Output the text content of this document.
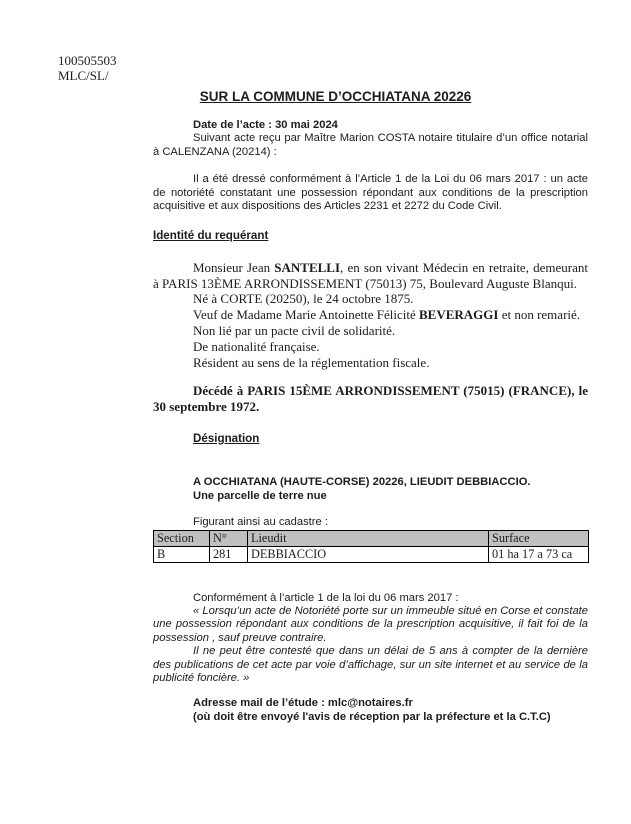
100505503
MLC/SL/
SUR LA COMMUNE D’OCCHIATANA 20226

Date de l’acte : 30 mai 2024

Suivant acte reçu par Maître Marion COSTA notaire titulaire d’un office notarial à CALENZANA (20214) :

Il a été dressé conformément à l’Article 1 de la Loi du 06 mars 2017 : un acte de notoriété constatant une possession répondant aux conditions de la prescription acquisitive et aux dispositions des Articles 2231 et 2272 du Code Civil.

Identité du requérant

Monsieur Jean SANTELLI, en son vivant Médecin en retraite, demeurant à PARIS 13ÈME ARRONDISSEMENT (75013) 75, Boulevard Auguste Blanqui.

Né à CORTE (20250), le 24 octobre 1875.

Veuf de Madame Marie Antoinette Félicité BEVERAGGI et non remarié.

Non lié par un pacte civil de solidarité.

De nationalité française.

Résident au sens de la réglementation fiscale.

Décédé à PARIS 15ÈME ARRONDISSEMENT (75015) (FRANCE), le 30 septembre 1972.

Désignation

A OCCHIATANA (HAUTE-CORSE) 20226, LIEUDIT DEBBIACCIO.

Une parcelle de terre nue

Figurant ainsi au cadastre :

Section	N°	Lieudit	Surface
B	281	DEBBIACCIO	01 ha 17 a 73 ca

Conformément à l’article 1 de la loi du 06 mars 2017 :

« Lorsqu’un acte de Notoriété porte sur un immeuble situé en Corse et constate une possession répondant aux conditions de la prescription acquisitive, il fait foi de la possession , sauf preuve contraire.

Il ne peut être contesté que dans un délai de 5 ans à compter de la dernière des publications de cet acte par voie d’affichage, sur un site internet et au service de la publicité foncière. »

Adresse mail de l’étude : mlc@notaires.fr

(où doit être envoyé l'avis de réception par la préfecture et la C.T.C)
